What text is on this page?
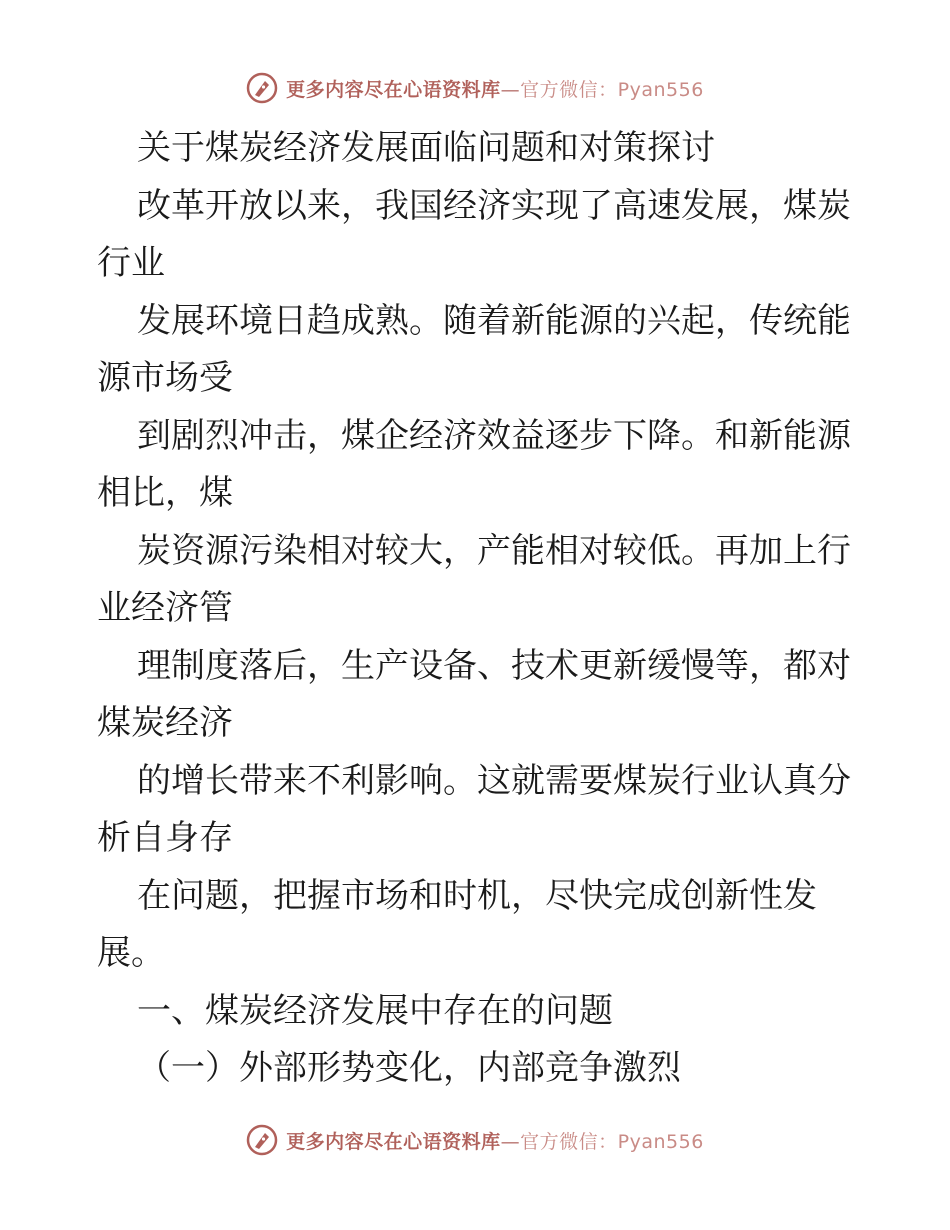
更多内容尽在心语资料库—官方微信：Pyan556
关于煤炭经济发展面临问题和对策探讨
改革开放以来，我国经济实现了高速发展，煤炭
行业
发展环境日趋成熟。随着新能源的兴起，传统能
源市场受
到剧烈冲击，煤企经济效益逐步下降。和新能源
相比，煤
炭资源污染相对较大，产能相对较低。再加上行
业经济管
理制度落后，生产设备、技术更新缓慢等，都对
煤炭经济
的增长带来不利影响。这就需要煤炭行业认真分
析自身存
在问题，把握市场和时机，尽快完成创新性发
展。
一、煤炭经济发展中存在的问题
（一）外部形势变化，内部竞争激烈
更多内容尽在心语资料库—官方微信：Pyan556
